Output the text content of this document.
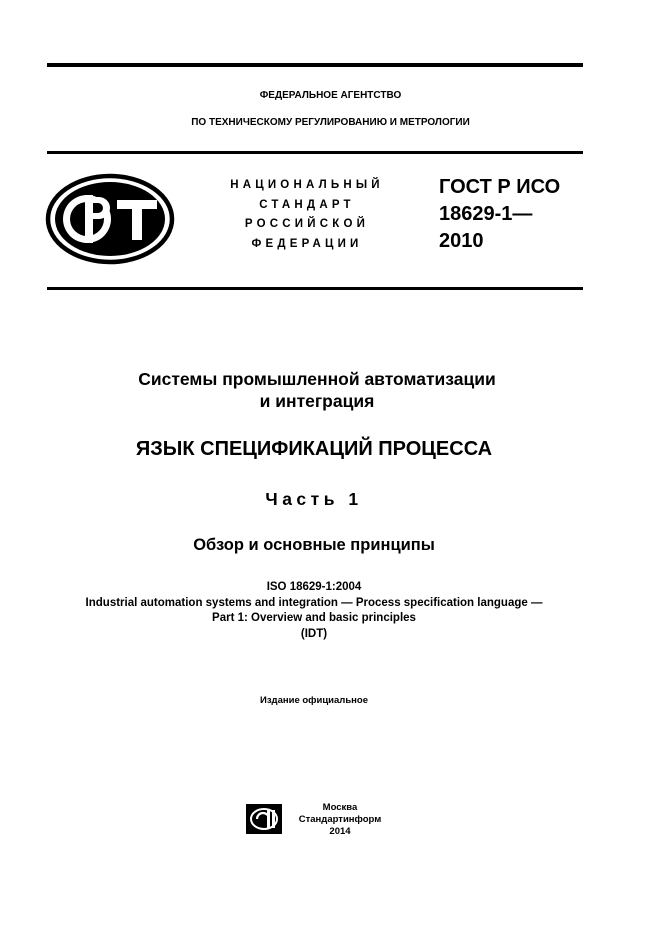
ФЕДЕРАЛЬНОЕ АГЕНТСТВО
ПО ТЕХНИЧЕСКОМУ РЕГУЛИРОВАНИЮ И МЕТРОЛОГИИ
НАЦИОНАЛЬНЫЙ
СТАНДАРТ
РОССИЙСКОЙ
ФЕДЕРАЦИИ
ГОСТ Р ИСО
18629-1—
2010
Системы промышленной автоматизации
и интеграция
ЯЗЫК СПЕЦИФИКАЦИЙ ПРОЦЕССА
Часть 1
Обзор и основные принципы
ISO 18629-1:2004
Industrial automation systems and integration — Process specification language —
Part 1: Overview and basic principles
(IDT)
Издание официальное
Москва
Стандартинформ
2014
